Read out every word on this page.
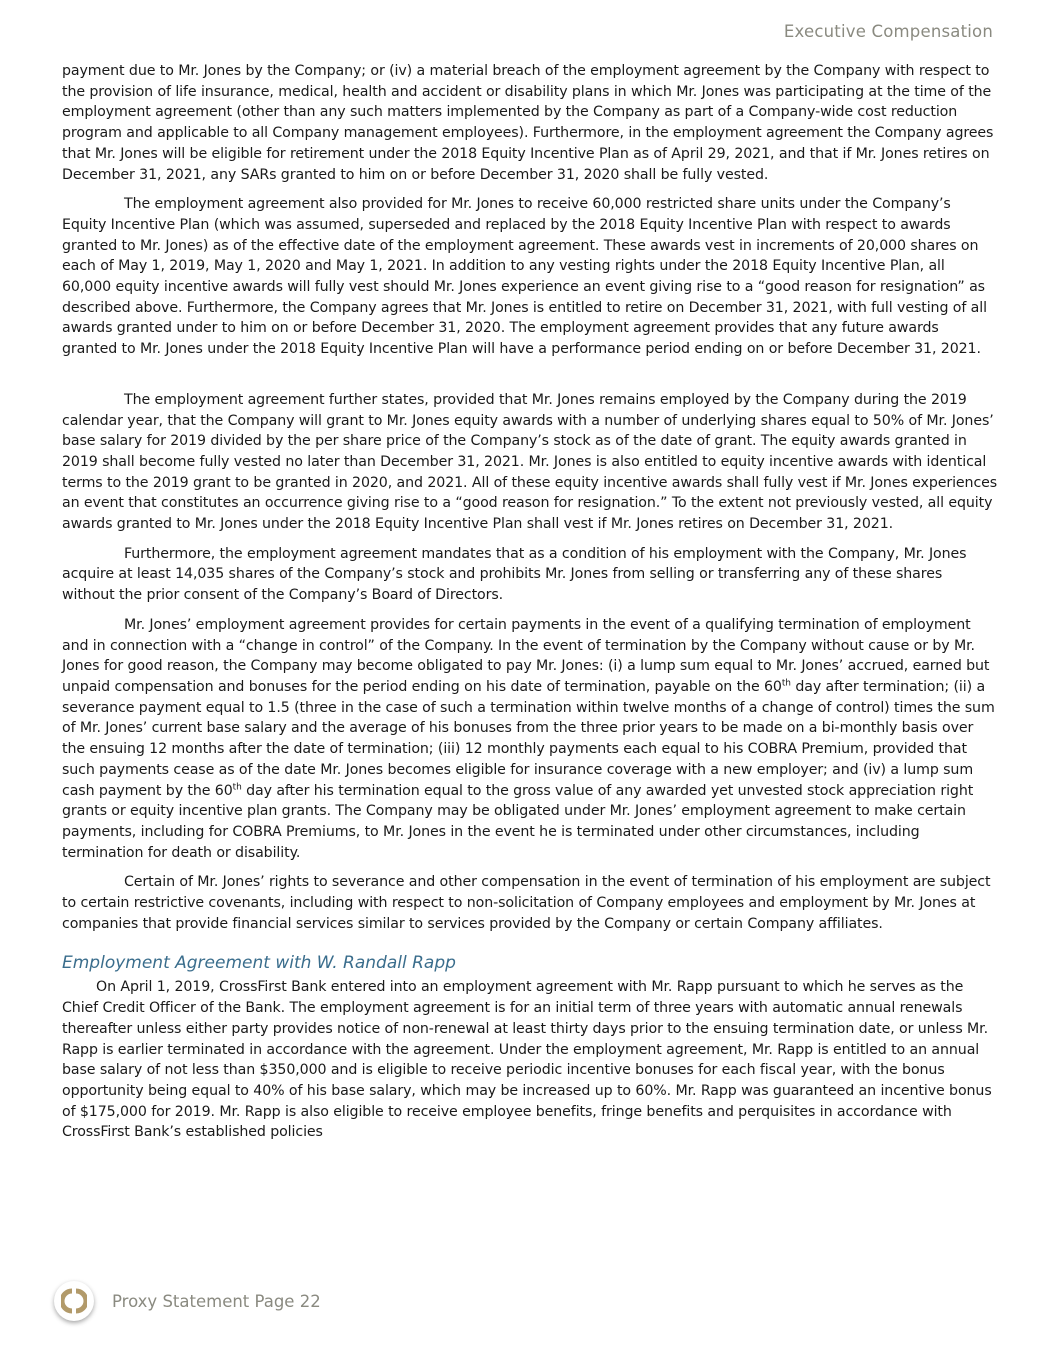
Executive Compensation

payment due to Mr. Jones by the Company; or (iv) a material breach of the employment agreement by the Company with respect to the provision of life insurance, medical, health and accident or disability plans in which Mr. Jones was participating at the time of the employment agreement (other than any such matters implemented by the Company as part of a Company-wide cost reduction program and applicable to all Company management employees). Furthermore, in the employment agreement the Company agrees that Mr. Jones will be eligible for retirement under the 2018 Equity Incentive Plan as of April 29, 2021, and that if Mr. Jones retires on December 31, 2021, any SARs granted to him on or before December 31, 2020 shall be fully vested.

The employment agreement also provided for Mr. Jones to receive 60,000 restricted share units under the Company’s Equity Incentive Plan (which was assumed, superseded and replaced by the 2018 Equity Incentive Plan with respect to awards granted to Mr. Jones) as of the effective date of the employment agreement. These awards vest in increments of 20,000 shares on each of May 1, 2019, May 1, 2020 and May 1, 2021. In addition to any vesting rights under the 2018 Equity Incentive Plan, all 60,000 equity incentive awards will fully vest should Mr. Jones experience an event giving rise to a “good reason for resignation” as described above. Furthermore, the Company agrees that Mr. Jones is entitled to retire on December 31, 2021, with full vesting of all awards granted under to him on or before December 31, 2020. The employment agreement provides that any future awards granted to Mr. Jones under the 2018 Equity Incentive Plan will have a performance period ending on or before December 31, 2021.

The employment agreement further states, provided that Mr. Jones remains employed by the Company during the 2019 calendar year, that the Company will grant to Mr. Jones equity awards with a number of underlying shares equal to 50% of Mr. Jones’ base salary for 2019 divided by the per share price of the Company’s stock as of the date of grant. The equity awards granted in 2019 shall become fully vested no later than December 31, 2021. Mr. Jones is also entitled to equity incentive awards with identical terms to the 2019 grant to be granted in 2020, and 2021. All of these equity incentive awards shall fully vest if Mr. Jones experiences an event that constitutes an occurrence giving rise to a “good reason for resignation.” To the extent not previously vested, all equity awards granted to Mr. Jones under the 2018 Equity Incentive Plan shall vest if Mr. Jones retires on December 31, 2021.

Furthermore, the employment agreement mandates that as a condition of his employment with the Company, Mr. Jones acquire at least 14,035 shares of the Company’s stock and prohibits Mr. Jones from selling or transferring any of these shares without the prior consent of the Company’s Board of Directors.

Mr. Jones’ employment agreement provides for certain payments in the event of a qualifying termination of employment and in connection with a “change in control” of the Company. In the event of termination by the Company without cause or by Mr. Jones for good reason, the Company may become obligated to pay Mr. Jones: (i) a lump sum equal to Mr. Jones’ accrued, earned but unpaid compensation and bonuses for the period ending on his date of termination, payable on the 60th day after termination; (ii) a severance payment equal to 1.5 (three in the case of such a termination within twelve months of a change of control) times the sum of Mr. Jones’ current base salary and the average of his bonuses from the three prior years to be made on a bi-monthly basis over the ensuing 12 months after the date of termination; (iii) 12 monthly payments each equal to his COBRA Premium, provided that such payments cease as of the date Mr. Jones becomes eligible for insurance coverage with a new employer; and (iv) a lump sum cash payment by the 60th day after his termination equal to the gross value of any awarded yet unvested stock appreciation right grants or equity incentive plan grants. The Company may be obligated under Mr. Jones’ employment agreement to make certain payments, including for COBRA Premiums, to Mr. Jones in the event he is terminated under other circumstances, including termination for death or disability.

Certain of Mr. Jones’ rights to severance and other compensation in the event of termination of his employment are subject to certain restrictive covenants, including with respect to non-solicitation of Company employees and employment by Mr. Jones at companies that provide financial services similar to services provided by the Company or certain Company affiliates.

Employment Agreement with W. Randall Rapp

On April 1, 2019, CrossFirst Bank entered into an employment agreement with Mr. Rapp pursuant to which he serves as the Chief Credit Officer of the Bank. The employment agreement is for an initial term of three years with automatic annual renewals thereafter unless either party provides notice of non-renewal at least thirty days prior to the ensuing termination date, or unless Mr. Rapp is earlier terminated in accordance with the agreement. Under the employment agreement, Mr. Rapp is entitled to an annual base salary of not less than $350,000 and is eligible to receive periodic incentive bonuses for each fiscal year, with the bonus opportunity being equal to 40% of his base salary, which may be increased up to 60%. Mr. Rapp was guaranteed an incentive bonus of $175,000 for 2019. Mr. Rapp is also eligible to receive employee benefits, fringe benefits and perquisites in accordance with CrossFirst Bank’s established policies

Proxy Statement Page 22
